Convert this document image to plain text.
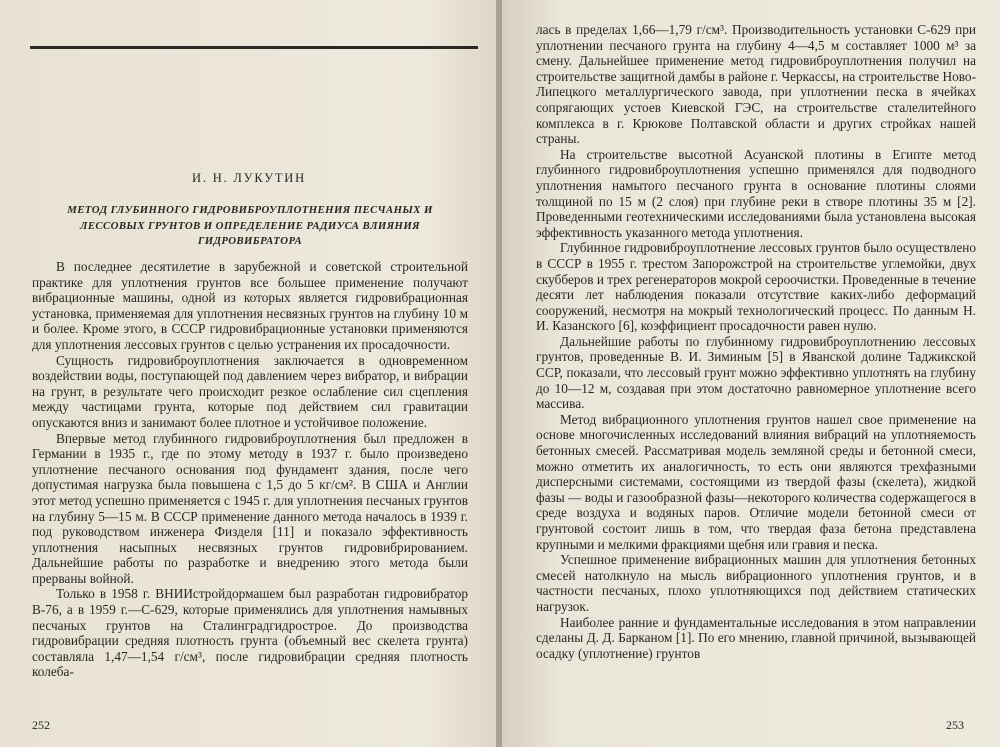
И. Н. ЛУКУТИН
МЕТОД ГЛУБИННОГО ГИДРОВИБРОУПЛОТНЕНИЯ ПЕСЧАНЫХ И ЛЕССОВЫХ ГРУНТОВ И ОПРЕДЕЛЕНИЕ РАДИУСА ВЛИЯНИЯ ГИДРОВИБРАТОРА

В последнее десятилетие в зарубежной и советской строительной практике для уплотнения грунтов все большее применение получают вибрационные машины, одной из которых является гидровибрационная установка, применяемая для уплотнения несвязных грунтов на глубину 10 м и более. Кроме этого, в СССР гидровибрационные установки применяются для уплотнения лессовых грунтов с целью устранения их просадочности.

Сущность гидровиброуплотнения заключается в одновременном воздействии воды, поступающей под давлением через вибратор, и вибрации на грунт, в результате чего происходит резкое ослабление сил сцепления между частицами грунта, которые под действием сил гравитации опускаются вниз и занимают более плотное и устойчивое положение.

Впервые метод глубинного гидровиброуплотнения был предложен в Германии в 1935 г., где по этому методу в 1937 г. было произведено уплотнение песчаного основания под фундамент здания, после чего допустимая нагрузка была повышена с 1,5 до 5 кг/см². В США и Англии этот метод успешно применяется с 1945 г. для уплотнения песчаных грунтов на глубину 5—15 м. В СССР применение данного метода началось в 1939 г. под руководством инженера Физделя [11] и показало эффективность уплотнения насыпных несвязных грунтов гидровибрированием. Дальнейшие работы по разработке и внедрению этого метода были прерваны войной.

Только в 1958 г. ВНИИстройдормашем был разработан гидровибратор В-76, а в 1959 г.—С-629, которые применялись для уплотнения намывных песчаных грунтов на Сталинградгидрострое. До производства гидровибрации средняя плотность грунта (объемный вес скелета грунта) составляла 1,47—1,54 г/см³, после гидровибрации средняя плотность колеба-

252

лась в пределах 1,66—1,79 г/см³. Производительность установки С-629 при уплотнении песчаного грунта на глубину 4—4,5 м составляет 1000 м³ за смену. Дальнейшее применение метод гидровиброуплотнения получил на строительстве защитной дамбы в районе г. Черкассы, на строительстве Ново-Липецкого металлургического завода, при уплотнении песка в ячейках сопрягающих устоев Киевской ГЭС, на строительстве сталелитейного комплекса в г. Крюкове Полтавской области и других стройках нашей страны.

На строительстве высотной Асуанской плотины в Египте метод глубинного гидровиброуплотнения успешно применялся для подводного уплотнения намытого песчаного грунта в основание плотины слоями толщиной по 15 м (2 слоя) при глубине реки в створе плотины 35 м [2]. Проведенными геотехническими исследованиями была установлена высокая эффективность указанного метода уплотнения.

Глубинное гидровиброуплотнение лессовых грунтов было осуществлено в СССР в 1955 г. трестом Запорожстрой на строительстве углемойки, двух скубберов и трех регенераторов мокрой сероочистки. Проведенные в течение десяти лет наблюдения показали отсутствие каких-либо деформаций сооружений, несмотря на мокрый технологический процесс. По данным Н. И. Казанского [6], коэффициент просадочности равен нулю.

Дальнейшие работы по глубинному гидровиброуплотнению лессовых грунтов, проведенные В. И. Зиминым [5] в Яванской долине Таджикской ССР, показали, что лессовый грунт можно эффективно уплотнять на глубину до 10—12 м, создавая при этом достаточно равномерное уплотнение всего массива.

Метод вибрационного уплотнения грунтов нашел свое применение на основе многочисленных исследований влияния вибраций на уплотняемость бетонных смесей. Рассматривая модель земляной среды и бетонной смеси, можно отметить их аналогичность, то есть они являются трехфазными дисперсными системами, состоящими из твердой фазы (скелета), жидкой фазы — воды и газообразной фазы—некоторого количества содержащегося в среде воздуха и водяных паров. Отличие модели бетонной смеси от грунтовой состоит лишь в том, что твердая фаза бетона представлена крупными и мелкими фракциями щебня или гравия и песка.

Успешное применение вибрационных машин для уплотнения бетонных смесей натолкнуло на мысль вибрационного уплотнения грунтов, и в частности песчаных, плохо уплотняющихся под действием статических нагрузок.

Наиболее ранние и фундаментальные исследования в этом направлении сделаны Д. Д. Барканом [1]. По его мнению, главной причиной, вызывающей осадку (уплотнение) грунтов

253
